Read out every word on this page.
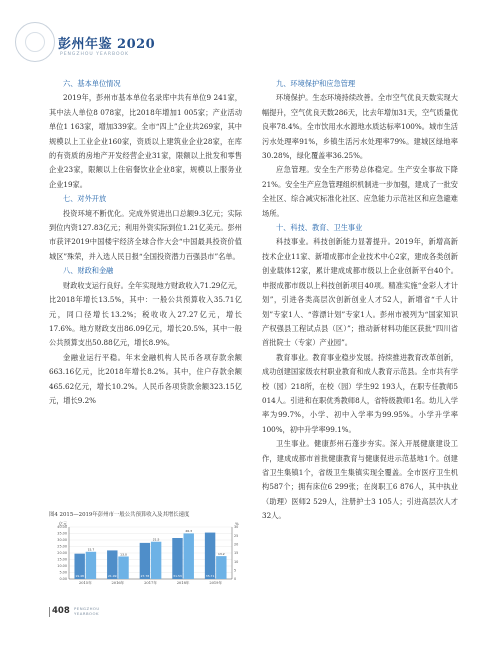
彭州年鉴 2020
PENGZHOU YEARBOOK
六、基本单位情况

2019年，彭州市基本单位名录库中共有单位9 241家，其中法人单位8 078家，比2018年增加1 005家；产业活动单位1 163家，增加339家。全市“四上”企业共269家，其中规模以上工业企业160家，资质以上建筑业企业28家，在库的有资质的房地产开发经营企业31家，限额以上批发和零售企业23家，限额以上住宿餐饮业企业8家，规模以上服务业企业19家。

七、对外开放

投资环境不断优化。完成外贸进出口总额9.3亿元；实际到位内资127.83亿元；利用外资实际到位1.21亿美元。彭州市获评2019中国楼宇经济全球合作大会“中国最具投资价值城区”殊荣，并入选人民日报“全国投资潜力百强县市”名单。

八、财政和金融

财政收支运行良好。全年实现地方财政收入71.29亿元，比2018年增长13.5%，其中：一般公共预算收入35.71亿元，同口径增长13.2%；税收收入27.27亿元，增长17.6%。地方财政支出86.09亿元，增长20.5%，其中一般公共预算支出50.88亿元，增长8.9%。

金融业运行平稳。年末金融机构人民币各项存款余额663.16亿元，比2018年增长8.2%。其中，住户存款余额465.62亿元，增长10.2%。人民币各项贷款余额323.15亿元，增长9.2%

九、环境保护和应急管理

环境保护。生态环境持续改善。全市空气优良天数实现大幅提升，空气优良天数286天，比去年增加31天，空气质量优良率78.4%。全市饮用水水源地水质达标率100%。城市生活污水处理率91%，乡镇生活污水处理率79%。建城区绿地率30.28%，绿化覆盖率36.25%。

应急管理。安全生产形势总体稳定。生产安全事故下降21%。安全生产应急管理组织机制进一步加强，建成了一批安全社区、综合减灾标准化社区、应急能力示范社区和应急避难场所。

十、科技、教育、卫生事业

科技事业。科技创新能力显著提升。2019年，新增高新技术企业11家、新增成都市企业技术中心2家，建成各类创新创业载体12家，累计建成成都市级以上企业创新平台40个。申报成都市级以上科技创新项目40项。精准实施“金彩人才计划”，引进各类高层次创新创业人才52人，新增省“千人计划”专家1人、“蓉漂计划”专家1人。彭州市被列为“国家知识产权强县工程试点县（区）”；推动新材料功能区获批“四川省首批院士（专家）产业园”。

教育事业。教育事业稳步发展。持续推进教育改革创新，成功创建国家级农村职业教育和成人教育示范县。全市共有学校（园）218所，在校（园）学生92 193人，在职专任教师5 014人。引进和在职优秀教师8人，省特级教师1名。幼儿入学率为99.7%，小学、初中入学率为99.95%。小学升学率100%，初中升学率99.1%。

卫生事业。健康彭州石蓬步夯实。深入开展健康建设工作，建成成都市首批健康教育与健康促进示范基地1个。创建省卫生集镇1个，省级卫生集镇实现全覆盖。全市医疗卫生机构587个；拥有床位6 299张；在岗职工6 876人，其中执业（助理）医师2 529人，注册护士3 105人；引进高层次人才32人。

图4 2015—2019年彭州市一般公共预算收入及其增长速度
亿元	%
0.00
5.00
10.00
15.00
20.00
25.00
30.00
35.00
40.00
0
5
10
15
20
25
30
19.48
15.7
2015年
21.99
13.0
2016年
27.78
21.5
2017年
31.53
26.3
2018年
35.71
13.2
2019年
408 PENGZHOU
YEARBOOK
